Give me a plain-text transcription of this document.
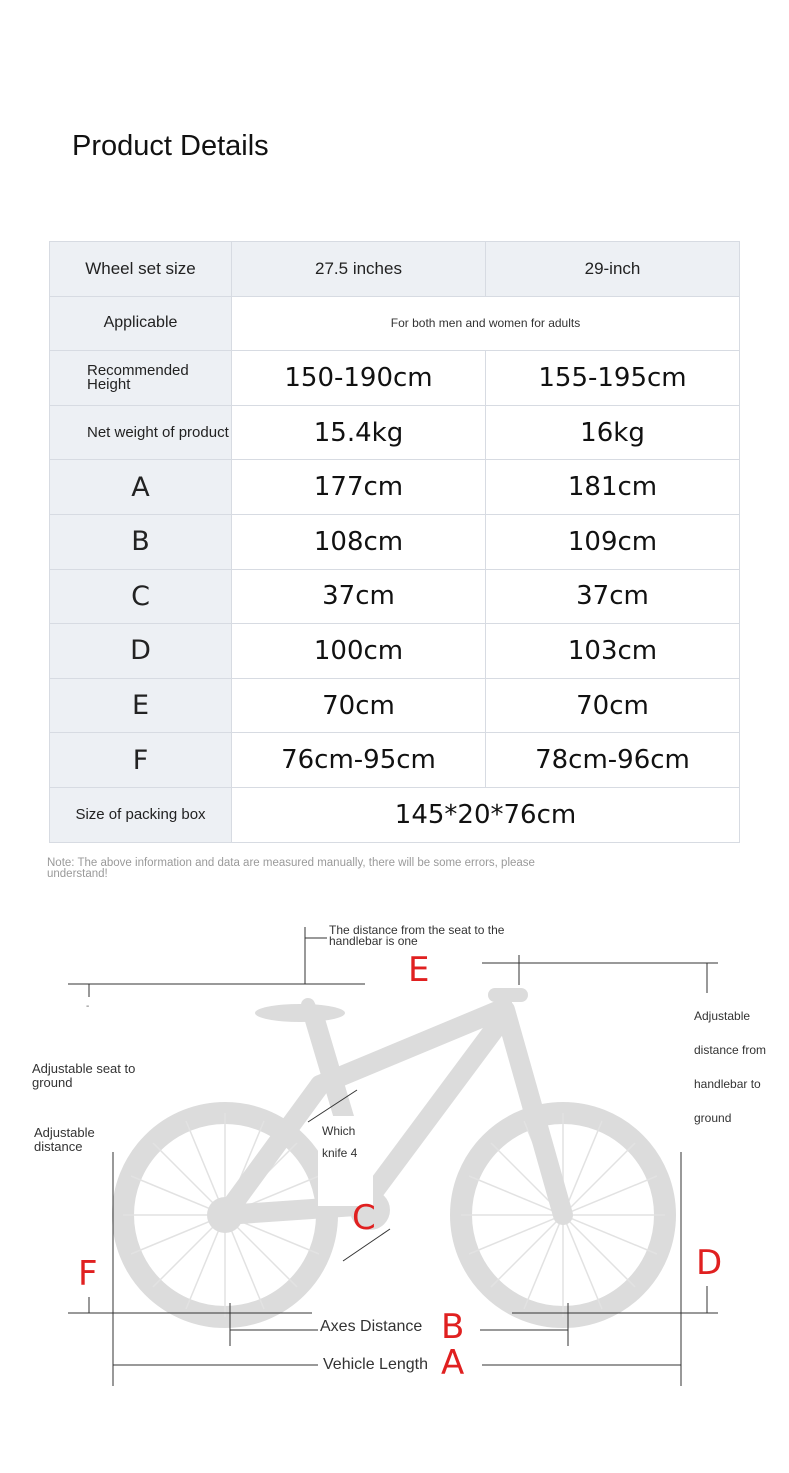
Product Details
Wheel set size	27.5 inches	29-inch
Applicable	For both men and women for adults	
Recommended Height	150-190cm	155-195cm
Net weight of product	15.4kg	16kg
A	177cm	181cm
B	108cm	109cm
C	37cm	37cm
D	100cm	103cm
E	70cm	70cm
F	76cm-95cm	78cm-96cm
Size of packing box	145*20*76cm	
Note: The above information and data are measured manually, there will be some errors, please understand!
The distance from the seat to the handlebar is one
-
Adjustable seat to ground
Adjustable distance
Which knife 4
Adjustable distance from handlebar to ground
E
C
F	D
B
A
Axes Distance
Vehicle Length
